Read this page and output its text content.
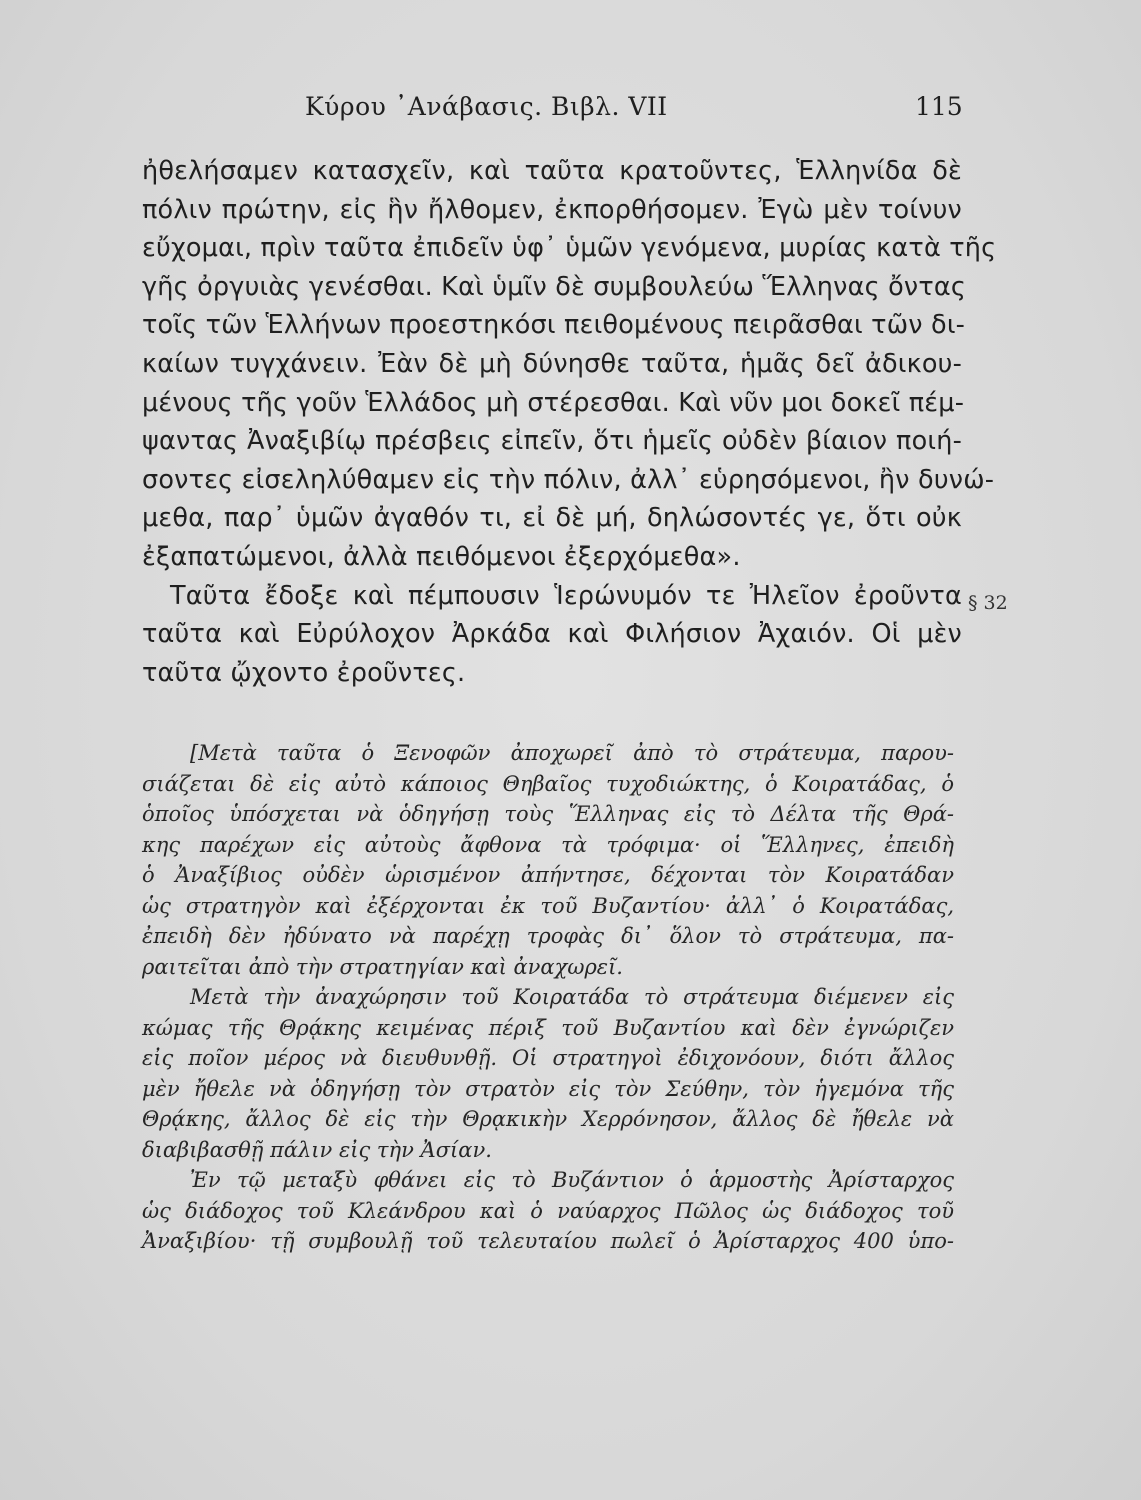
Κύρου ᾿Ανάβασις. Βιβλ. VII	115
ἠθελήσαμεν κατασχεῖν, καὶ ταῦτα κρατοῦντες, Ἑλληνίδα δὲ
πόλιν πρώτην, εἰς ἣν ἤλθομεν, ἐκπορθήσομεν. Ἐγὼ μὲν τοίνυν
εὔχομαι, πρὶν ταῦτα ἐπιδεῖν ὑφ᾿ ὑμῶν γενόμενα, μυρίας κατὰ τῆς
γῆς ὀργυιὰς γενέσθαι. Καὶ ὑμῖν δὲ συμβουλεύω Ἕλληνας ὄντας
τοῖς τῶν Ἑλλήνων προεστηκόσι πειθομένους πειρᾶσθαι τῶν δι-
καίων τυγχάνειν. Ἐὰν δὲ μὴ δύνησθε ταῦτα, ἡμᾶς δεῖ ἀδικου-
μένους τῆς γοῦν Ἑλλάδος μὴ στέρεσθαι. Καὶ νῦν μοι δοκεῖ πέμ-
ψαντας Ἀναξιβίῳ πρέσβεις εἰπεῖν, ὅτι ἡμεῖς οὐδὲν βίαιον ποιή-
σοντες εἰσεληλύθαμεν εἰς τὴν πόλιν, ἀλλ᾿ εὑρησόμενοι, ἢν δυνώ-
μεθα, παρ᾿ ὑμῶν ἀγαθόν τι, εἰ δὲ μή, δηλώσοντές γε, ὅτι οὐκ
ἐξαπατώμενοι, ἀλλὰ πειθόμενοι ἐξερχόμεθα».
Ταῦτα ἔδοξε καὶ πέμπουσιν Ἱερώνυμόν τε Ἠλεῖον ἐροῦντα
ταῦτα καὶ Εὐρύλοχον Ἀρκάδα καὶ Φιλήσιον Ἀχαιόν. Οἱ μὲν
ταῦτα ᾤχοντο ἐροῦντες.
§ 32
[Μετὰ ταῦτα ὁ Ξενοφῶν ἀποχωρεῖ ἀπὸ τὸ στράτευμα, παρου-
σιάζεται δὲ εἰς αὐτὸ κάποιος Θηβαῖος τυχοδιώκτης, ὁ Κοιρατάδας, ὁ
ὁποῖος ὑπόσχεται νὰ ὁδηγήσῃ τοὺς Ἕλληνας εἰς τὸ Δέλτα τῆς Θρά-
κης παρέχων εἰς αὐτοὺς ἄφθονα τὰ τρόφιμα· οἱ Ἕλληνες, ἐπειδὴ
ὁ Ἀναξίβιος οὐδὲν ὡρισμένον ἀπήντησε, δέχονται τὸν Κοιρατάδαν
ὡς στρατηγὸν καὶ ἐξέρχονται ἐκ τοῦ Βυζαντίου· ἀλλ᾿ ὁ Κοιρατάδας,
ἐπειδὴ δὲν ἠδύνατο νὰ παρέχῃ τροφὰς δι᾿ ὅλον τὸ στράτευμα, πα-
ραιτεῖται ἀπὸ τὴν στρατηγίαν καὶ ἀναχωρεῖ.
Μετὰ τὴν ἀναχώρησιν τοῦ Κοιρατάδα τὸ στράτευμα διέμενεν εἰς
κώμας τῆς Θρᾴκης κειμένας πέριξ τοῦ Βυζαντίου καὶ δὲν ἐγνώριζεν
εἰς ποῖον μέρος νὰ διευθυνθῇ. Οἱ στρατηγοὶ ἐδιχονόουν, διότι ἄλλος
μὲν ἤθελε νὰ ὁδηγήσῃ τὸν στρατὸν εἰς τὸν Σεύθην, τὸν ἡγεμόνα τῆς
Θρᾴκης, ἄλλος δὲ εἰς τὴν Θρᾳκικὴν Χερρόνησον, ἄλλος δὲ ἤθελε νὰ
διαβιβασθῇ πάλιν εἰς τὴν Ἀσίαν.
Ἐν τῷ μεταξὺ φθάνει εἰς τὸ Βυζάντιον ὁ ἁρμοστὴς Ἀρίσταρχος
ὡς διάδοχος τοῦ Κλεάνδρου καὶ ὁ ναύαρχος Πῶλος ὡς διάδοχος τοῦ
Ἀναξιβίου· τῇ συμβουλῇ τοῦ τελευταίου πωλεῖ ὁ Ἀρίσταρχος 400 ὑπο-
